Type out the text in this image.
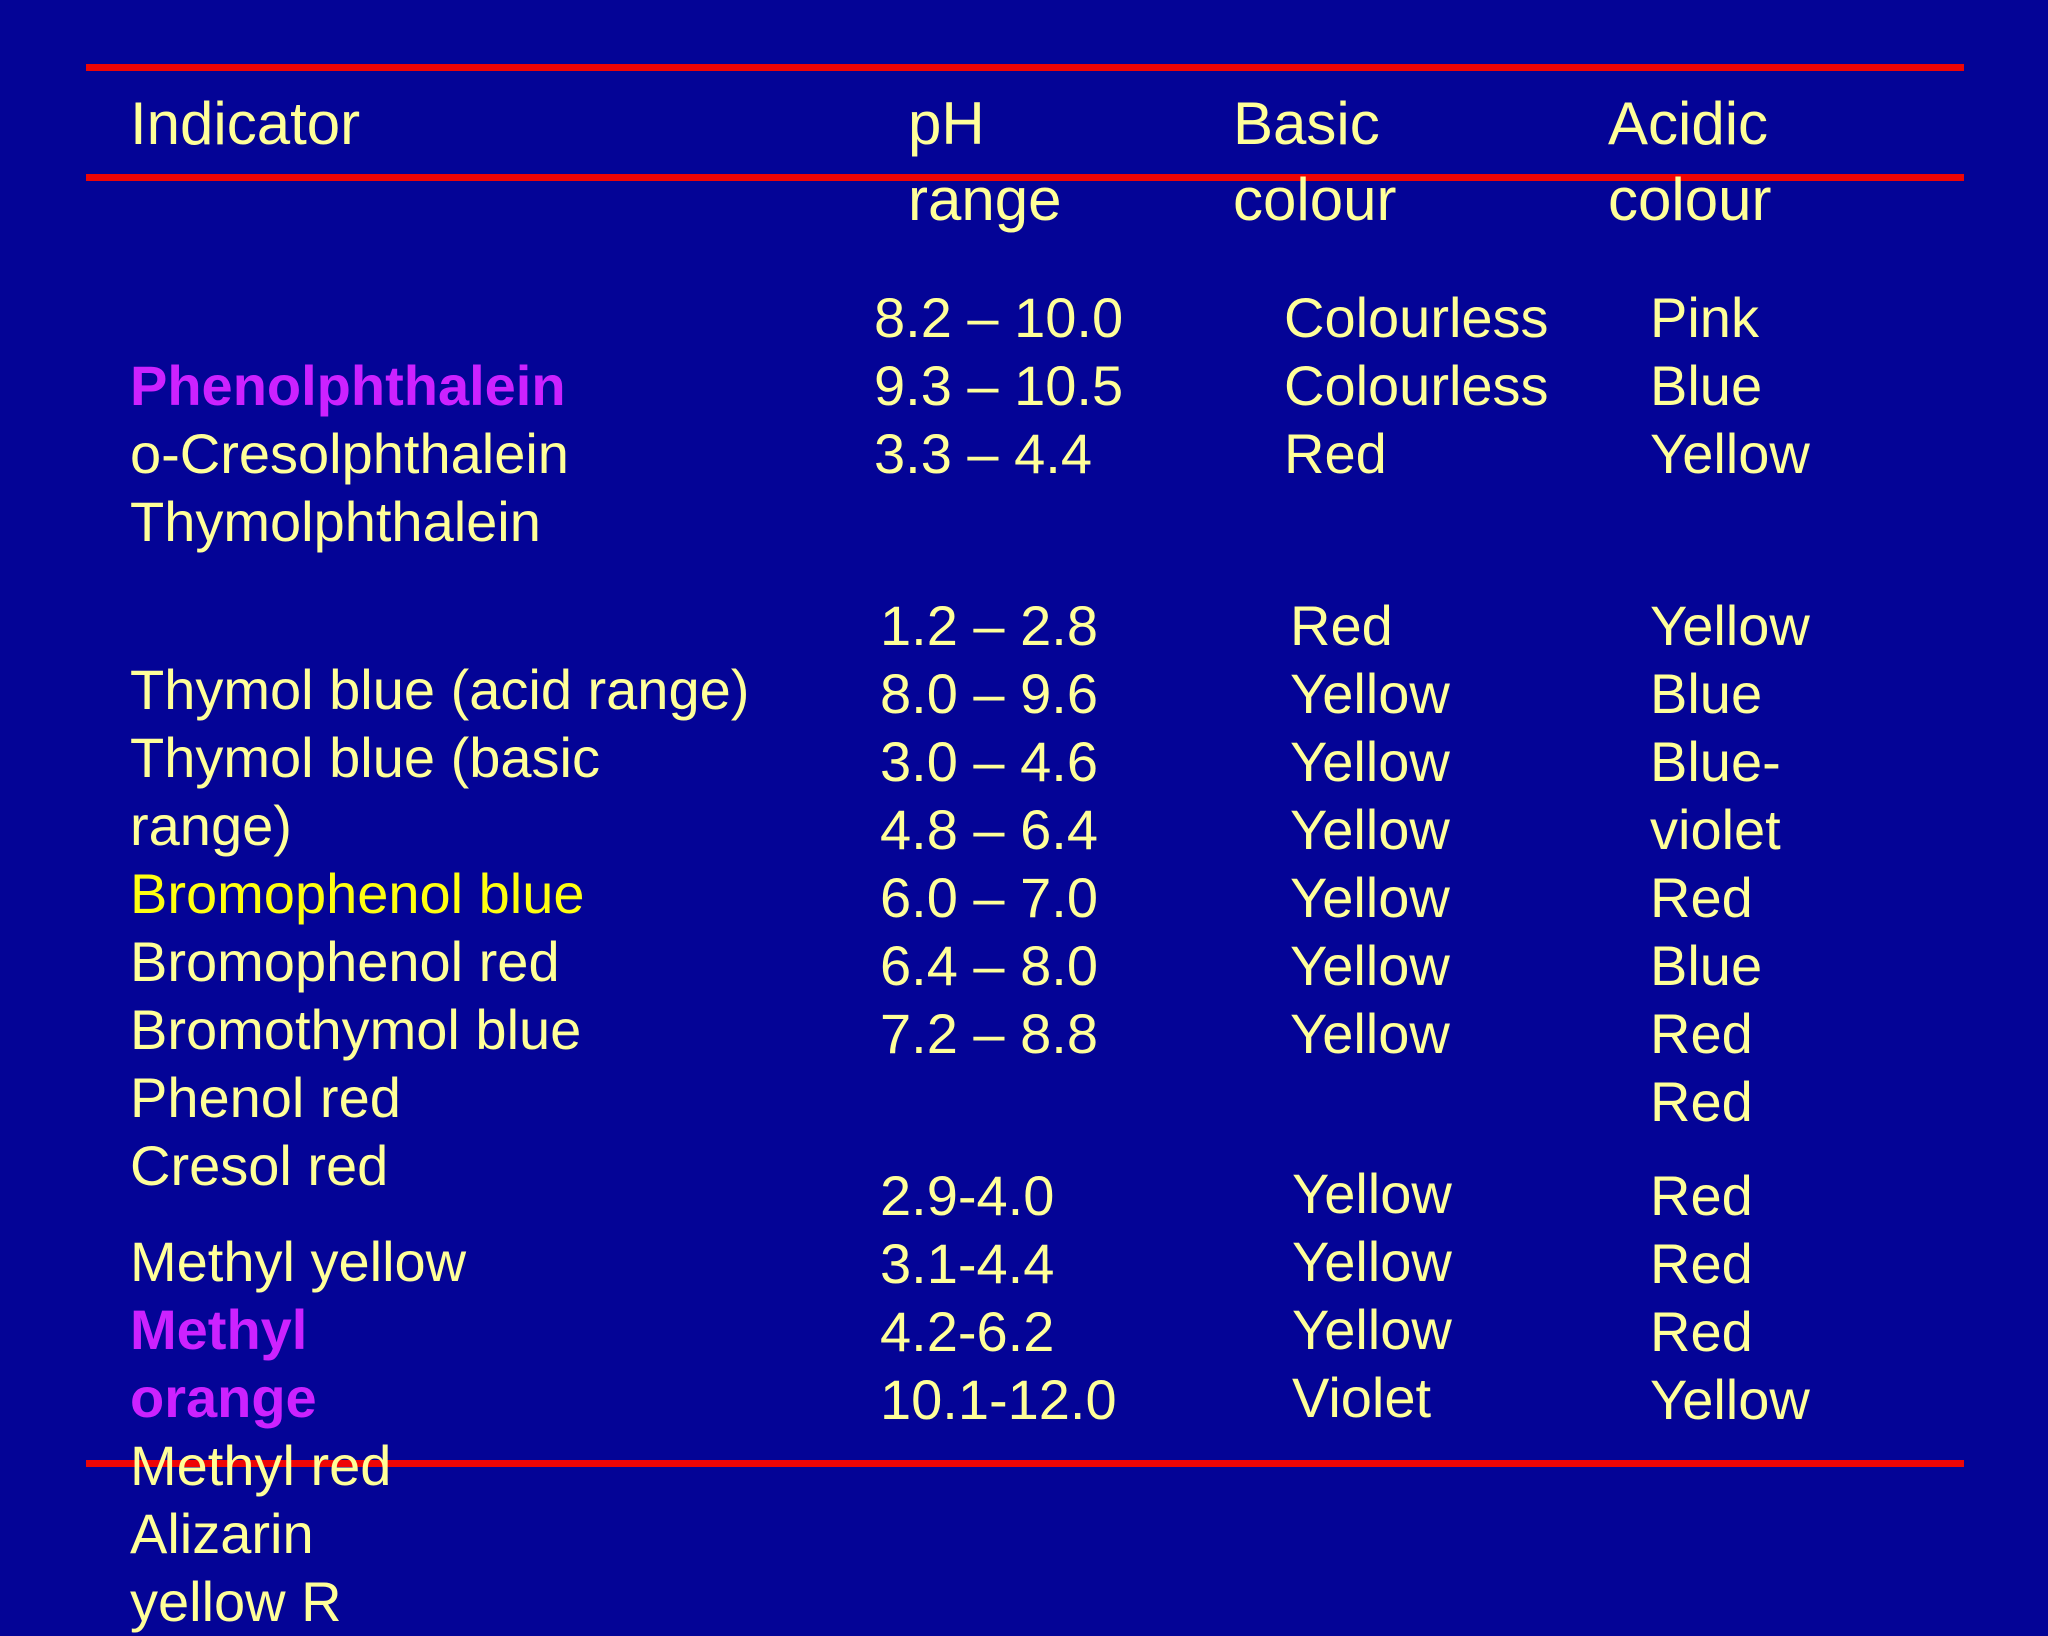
Indicator	pH
range

Basic
colour

Acidic
colour

Phenolphthalein
o-Cresolphthalein
Thymolphthalein

8.2 – 10.0
9.3 – 10.5
3.3 – 4.4

Colourless
Colourless
Red

Pink
Blue
Yellow

Thymol blue (acid range)
Thymol blue (basic
range)
Bromophenol blue
Bromophenol red
Bromothymol blue
Phenol red
Cresol red

1.2 – 2.8
8.0 – 9.6
3.0 – 4.6
4.8 – 6.4
6.0 – 7.0
6.4 – 8.0
7.2 – 8.8

Red
Yellow
Yellow
Yellow
Yellow
Yellow
Yellow

Yellow
Blue
Blue-
violet
Red
Blue
Red
Red

Methyl yellow
Methyl
orange
Methyl red
Alizarin
yellow R

2.9-4.0
3.1-4.4
4.2-6.2
10.1-12.0

Yellow
Yellow
Yellow
Violet

Red
Red
Red
Yellow
